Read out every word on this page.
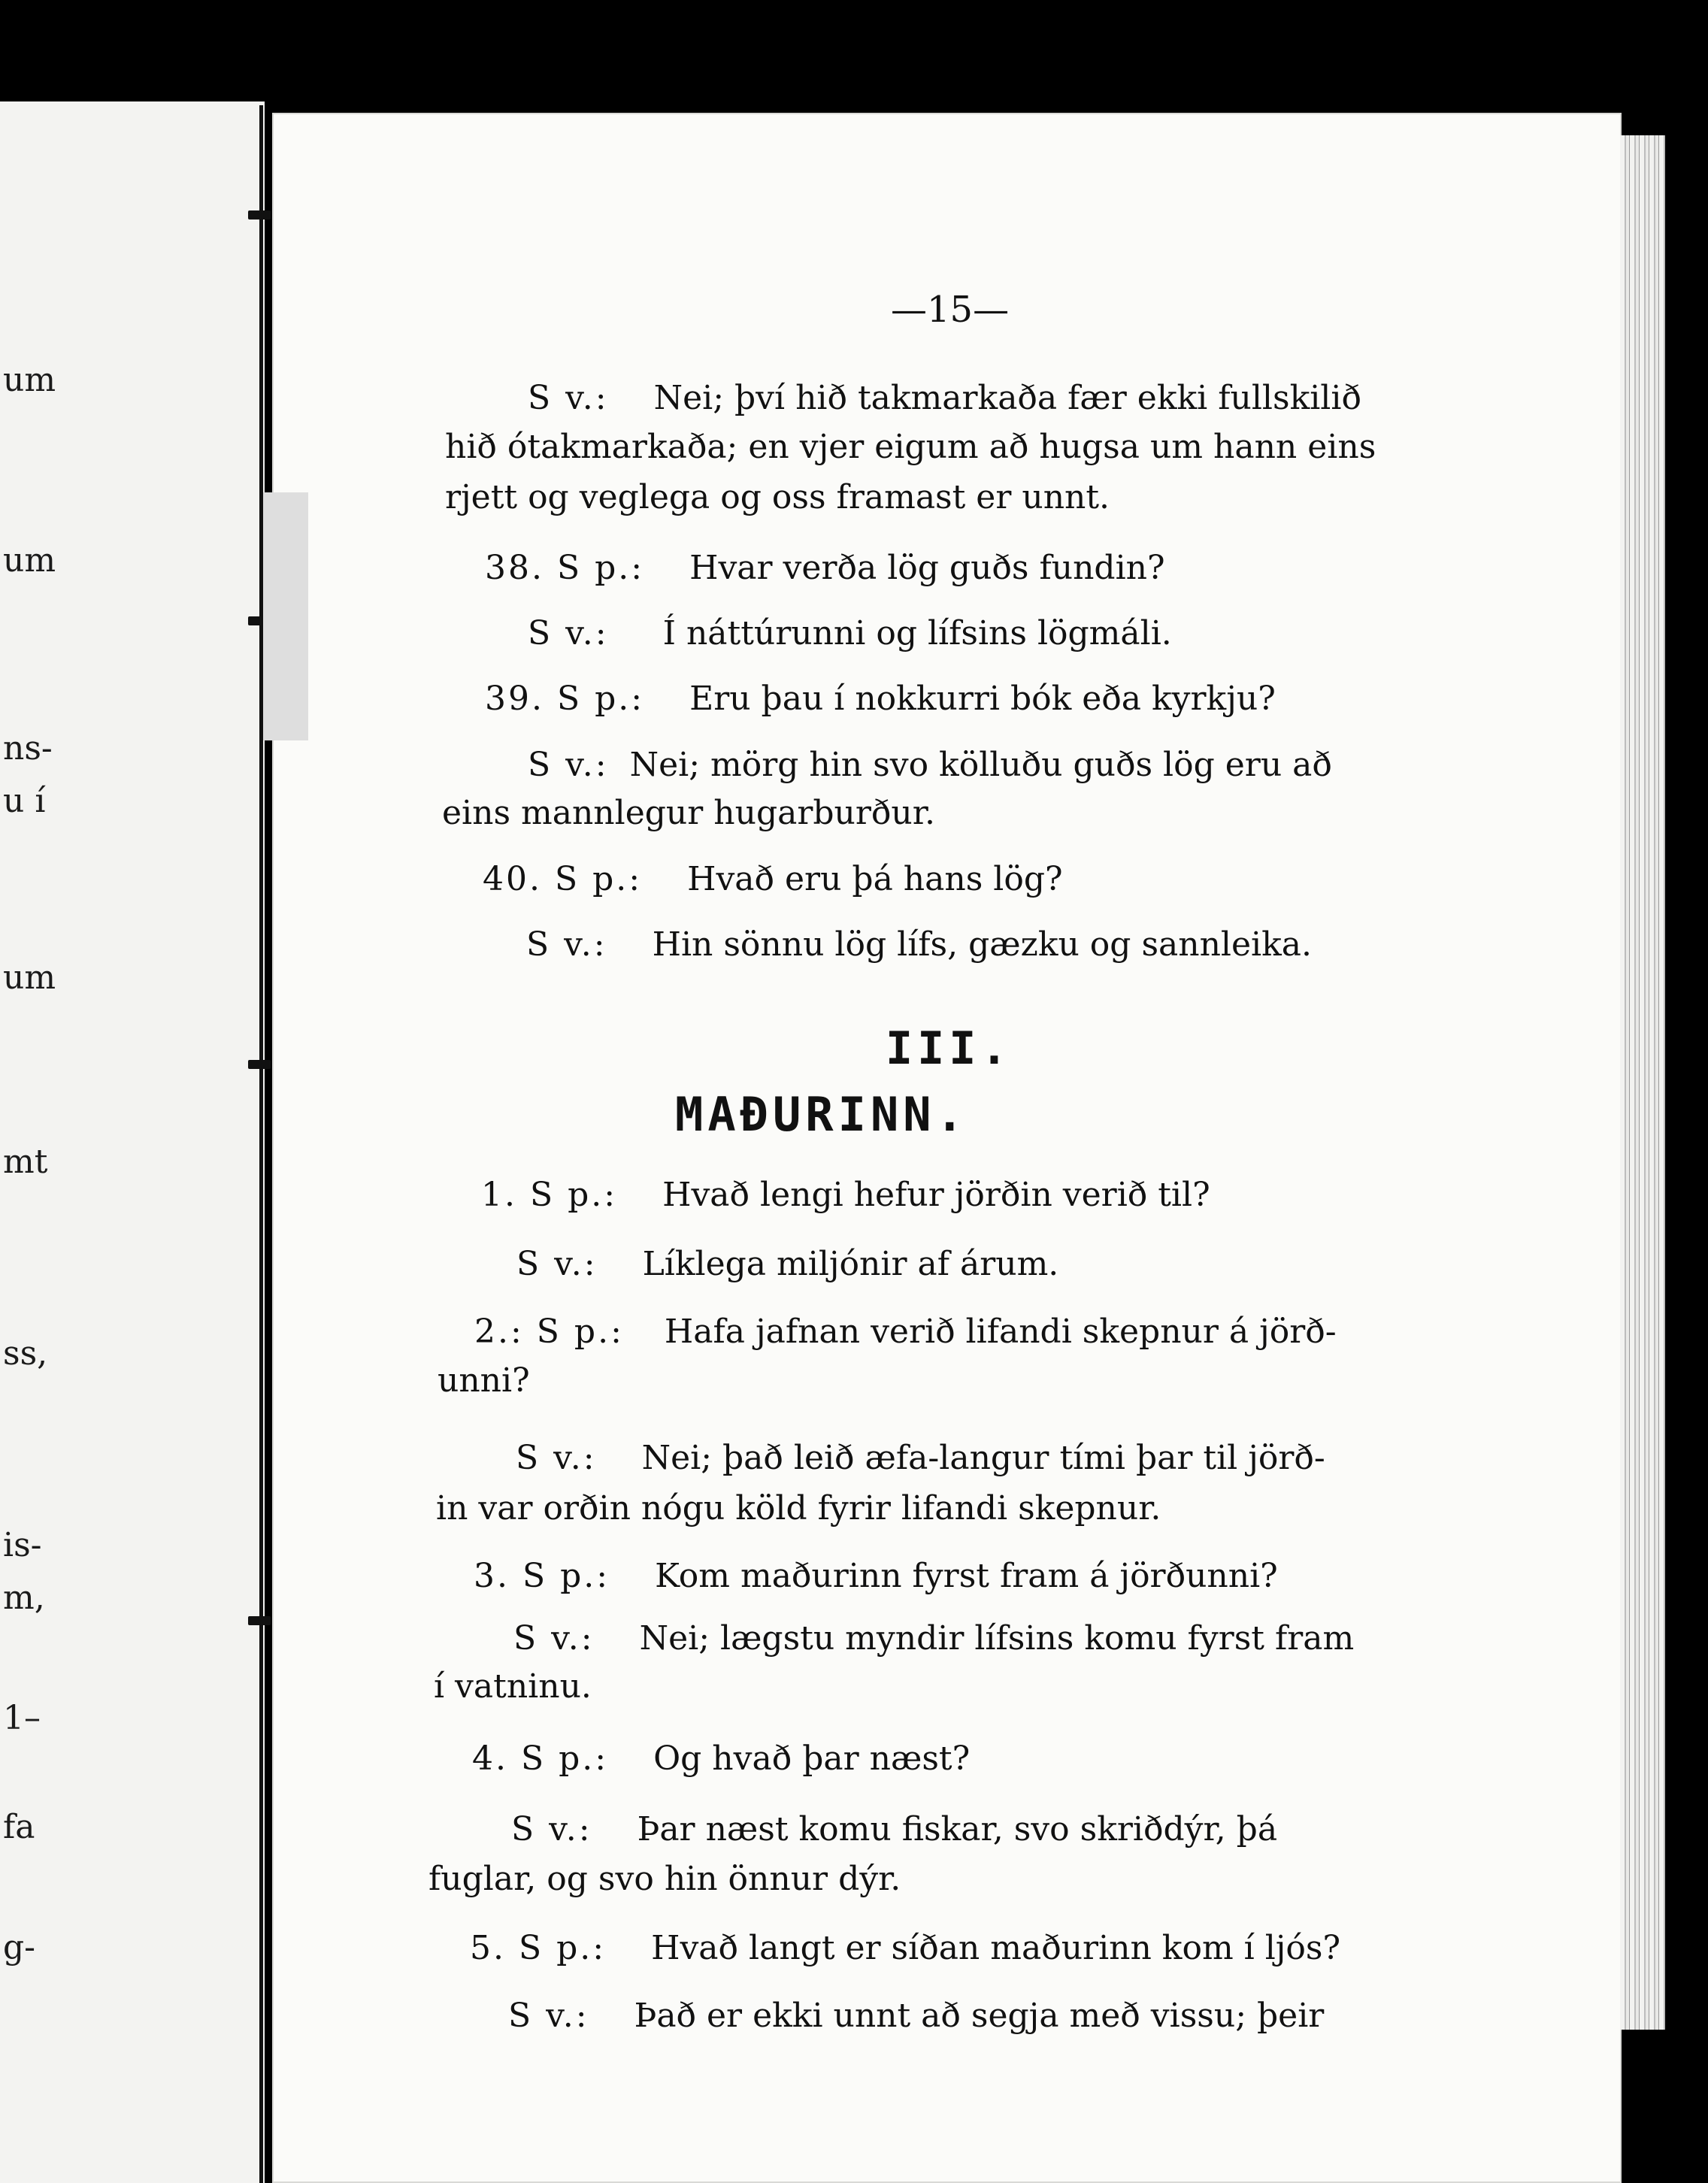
um
um
ns-
u í
um
mt
ss,
is-
m,
1–
fa
g-
—15—
S v.: Nei; því hið takmarkaða fær ekki fullskilið
hið ótakmarkaða; en vjer eigum að hugsa um hann eins
rjett og veglega og oss framast er unnt.
38. S p.: Hvar verða lög guðs fundin?
S v.: Í náttúrunni og lífsins lögmáli.
39. S p.: Eru þau í nokkurri bók eða kyrkju?
S v.: Nei; mörg hin svo kölluðu guðs lög eru að
eins mannlegur hugarburður.
40. S p.: Hvað eru þá hans lög?
S v.: Hin sönnu lög lífs, gæzku og sannleika.
III.
MAÐURINN.
1. S p.: Hvað lengi hefur jörðin verið til?
S v.: Líklega miljónir af árum.
2.: S p.: Hafa jafnan verið lifandi skepnur á jörð-
unni?
S v.: Nei; það leið æfa-langur tími þar til jörð-
in var orðin nógu köld fyrir lifandi skepnur.
3. S p.: Kom maðurinn fyrst fram á jörðunni?
S v.: Nei; lægstu myndir lífsins komu fyrst fram
í vatninu.
4. S p.: Og hvað þar næst?
S v.: Þar næst komu fiskar, svo skriðdýr, þá
fuglar, og svo hin önnur dýr.
5. S p.: Hvað langt er síðan maðurinn kom í ljós?
S v.: Það er ekki unnt að segja með vissu; þeir
